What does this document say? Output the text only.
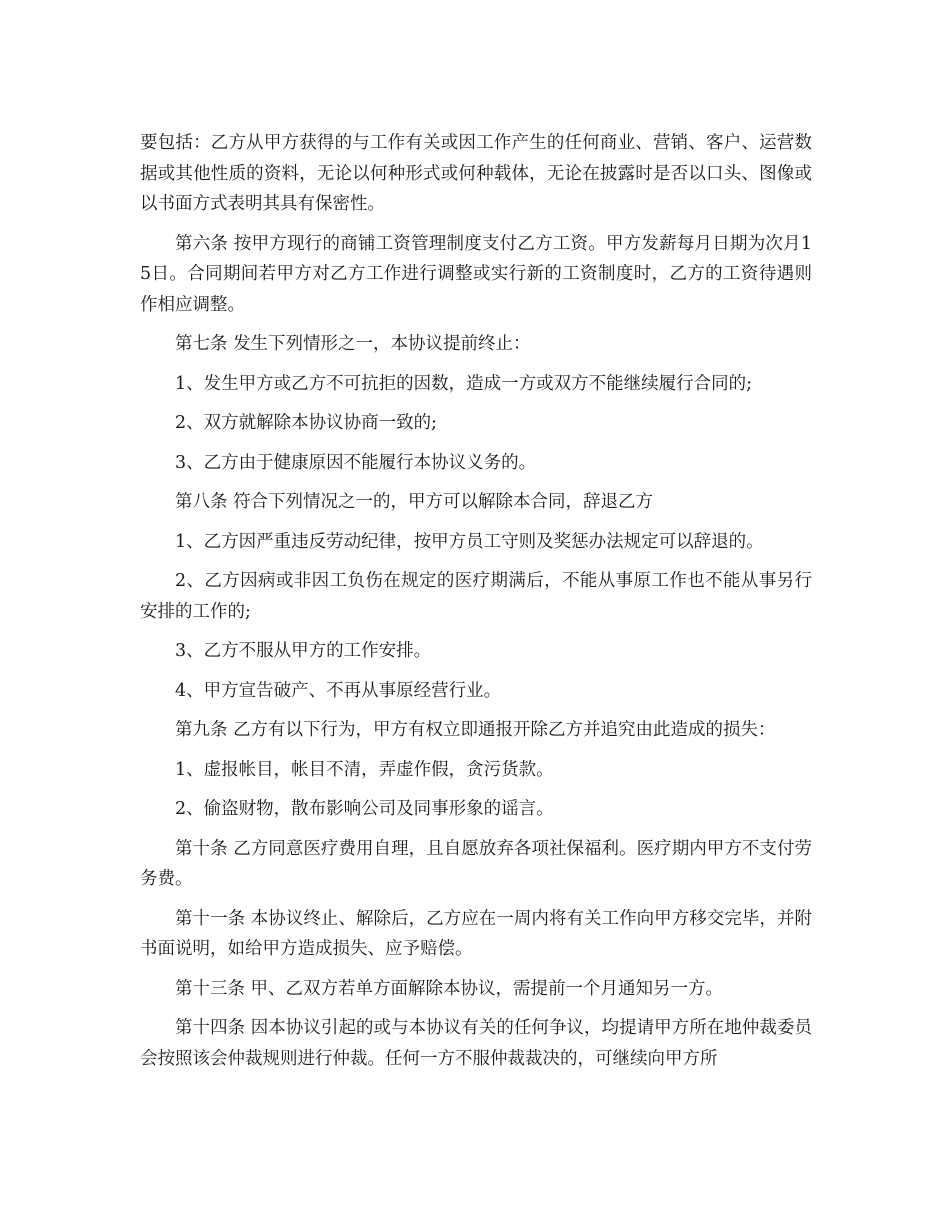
要包括：乙方从甲方获得的与工作有关或因工作产生的任何商业、营销、客户、运营数据或其他性质的资料，无论以何种形式或何种载体，无论在披露时是否以口头、图像或以书面方式表明其具有保密性。

第六条 按甲方现行的商铺工资管理制度支付乙方工资。甲方发薪每月日期为次月15日。合同期间若甲方对乙方工作进行调整或实行新的工资制度时，乙方的工资待遇则作相应调整。

第七条 发生下列情形之一，本协议提前终止：

1、发生甲方或乙方不可抗拒的因数，造成一方或双方不能继续履行合同的;

2、双方就解除本协议协商一致的;

3、乙方由于健康原因不能履行本协议义务的。

第八条 符合下列情况之一的，甲方可以解除本合同，辞退乙方

1、乙方因严重违反劳动纪律，按甲方员工守则及奖惩办法规定可以辞退的。

2、乙方因病或非因工负伤在规定的医疗期满后，不能从事原工作也不能从事另行安排的工作的;

3、乙方不服从甲方的工作安排。

4、甲方宣告破产、不再从事原经营行业。

第九条 乙方有以下行为，甲方有权立即通报开除乙方并追究由此造成的损失：

1、虚报帐目，帐目不清，弄虚作假，贪污货款。

2、偷盗财物，散布影响公司及同事形象的谣言。

第十条 乙方同意医疗费用自理，且自愿放弃各项社保福利。医疗期内甲方不支付劳务费。

第十一条 本协议终止、解除后，乙方应在一周内将有关工作向甲方移交完毕，并附书面说明，如给甲方造成损失、应予赔偿。

第十三条 甲、乙双方若单方面解除本协议，需提前一个月通知另一方。

第十四条 因本协议引起的或与本协议有关的任何争议，均提请甲方所在地仲裁委员会按照该会仲裁规则进行仲裁。任何一方不服仲裁裁决的，可继续向甲方所
